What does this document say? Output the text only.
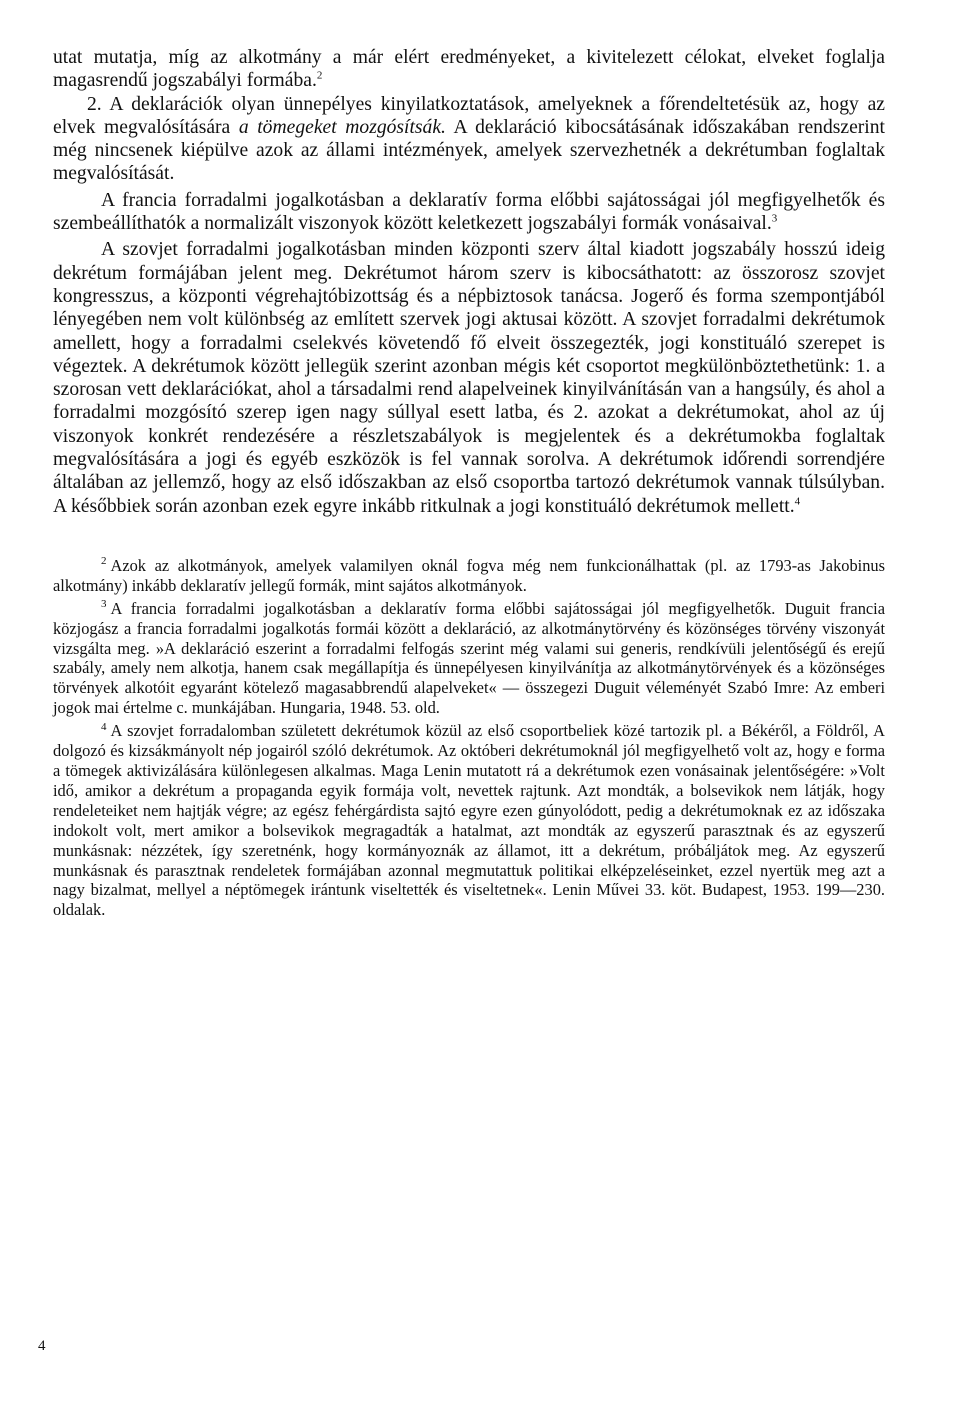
utat mutatja, míg az alkotmány a már elért eredményeket, a kivitelezett célokat, elveket foglalja magasrendű jogszabályi formába.$^2$

2. A deklarációk olyan ünnepélyes kinyilatkoztatások, amelyeknek a főrendeltetésük az, hogy az elvek megvalósítására a tömegeket mozgósítsák. A deklaráció kibocsátásának időszakában rendszerint még nincsenek kiépülve azok az állami intézmények, amelyek szervezhetnék a dekrétumban foglaltak megvalósítását.

A francia forradalmi jogalkotásban a deklaratív forma előbbi sajátosságai jól megfigyelhetők és szembeállíthatók a normalizált viszonyok között keletkezett jogszabályi formák vonásaival.$^3$

A szovjet forradalmi jogalkotásban minden központi szerv által kiadott jogszabály hosszú ideig dekrétum formájában jelent meg. Dekrétumot három szerv is kibocsáthatott: az összorosz szovjet kongresszus, a központi végrehajtóbizottság és a népbiztosok tanácsa. Jogerő és forma szempontjából lényegében nem volt különbség az említett szervek jogi aktusai között. A szovjet forradalmi dekrétumok amellett, hogy a forradalmi cselekvés követendő fő elveit összegezték, jogi konstituáló szerepet is végeztek. A dekrétumok között jellegük szerint azonban mégis két csoportot megkülönböztethetünk: 1. a szorosan vett deklarációkat, ahol a társadalmi rend alapelveinek kinyilvánításán van a hangsúly, és ahol a forradalmi mozgósító szerep igen nagy súllyal esett latba, és 2. azokat a dekrétumokat, ahol az új viszonyok konkrét rendezésére a részletszabályok is megjelentek és a dekrétumokba foglaltak megvalósítására a jogi és egyéb eszközök is fel vannak sorolva. A dekrétumok időrendi sorrendjére általában az jellemző, hogy az első időszakban az első csoportba tartozó dekrétumok vannak túlsúlyban. A későbbiek során azonban ezek egyre inkább ritkulnak a jogi konstituáló dekrétumok mellett.$^4$

$^2$ Azok az alkotmányok, amelyek valamilyen oknál fogva még nem funkcionálhattak (pl. az 1793-as Jakobinus alkotmány) inkább deklaratív jellegű formák, mint sajátos alkotmányok.

$^3$ A francia forradalmi jogalkotásban a deklaratív forma előbbi sajátosságai jól megfigyelhetők. Duguit francia közjogász a francia forradalmi jogalkotás formái között a deklaráció, az alkotmánytörvény és közönséges törvény viszonyát vizsgálta meg. »A deklaráció eszerint a forradalmi felfogás szerint még valami sui generis, rendkívüli jelentőségű és erejű szabály, amely nem alkotja, hanem csak megállapítja és ünnepélyesen kinyilvánítja az alkotmánytörvények és a közönséges törvények alkotóit egyaránt kötelező magasabbrendű alapelveket« — összegezi Duguit véleményét Szabó Imre: Az emberi jogok mai értelme c. munkájában. Hungaria, 1948. 53. old.

$^4$ A szovjet forradalomban született dekrétumok közül az első csoportbeliek közé tartozik pl. a Békéről, a Földről, A dolgozó és kizsákmányolt nép jogairól szóló dekrétumok. Az októberi dekrétumoknál jól megfigyelhető volt az, hogy e forma a tömegek aktivizálására különlegesen alkalmas. Maga Lenin mutatott rá a dekrétumok ezen vonásainak jelentőségére: »Volt idő, amikor a dekrétum a propaganda egyik formája volt, nevettek rajtunk. Azt mondták, a bolsevikok nem látják, hogy rendeleteiket nem hajtják végre; az egész fehérgárdista sajtó egyre ezen gúnyolódott, pedig a dekrétumoknak ez az időszaka indokolt volt, mert amikor a bolsevikok megragadták a hatalmat, azt mondták az egyszerű parasztnak és az egyszerű munkásnak: nézzétek, így szeretnénk, hogy kormányoznák az államot, itt a dekrétum, próbáljátok meg. Az egyszerű munkásnak és parasztnak rendeletek formájában azonnal megmutattuk politikai elképzeléseinket, ezzel nyertük meg azt a nagy bizalmat, mellyel a néptömegek irántunk viseltették és viseltetnek«. Lenin Művei 33. köt. Budapest, 1953. 199—230. oldalak.

4
